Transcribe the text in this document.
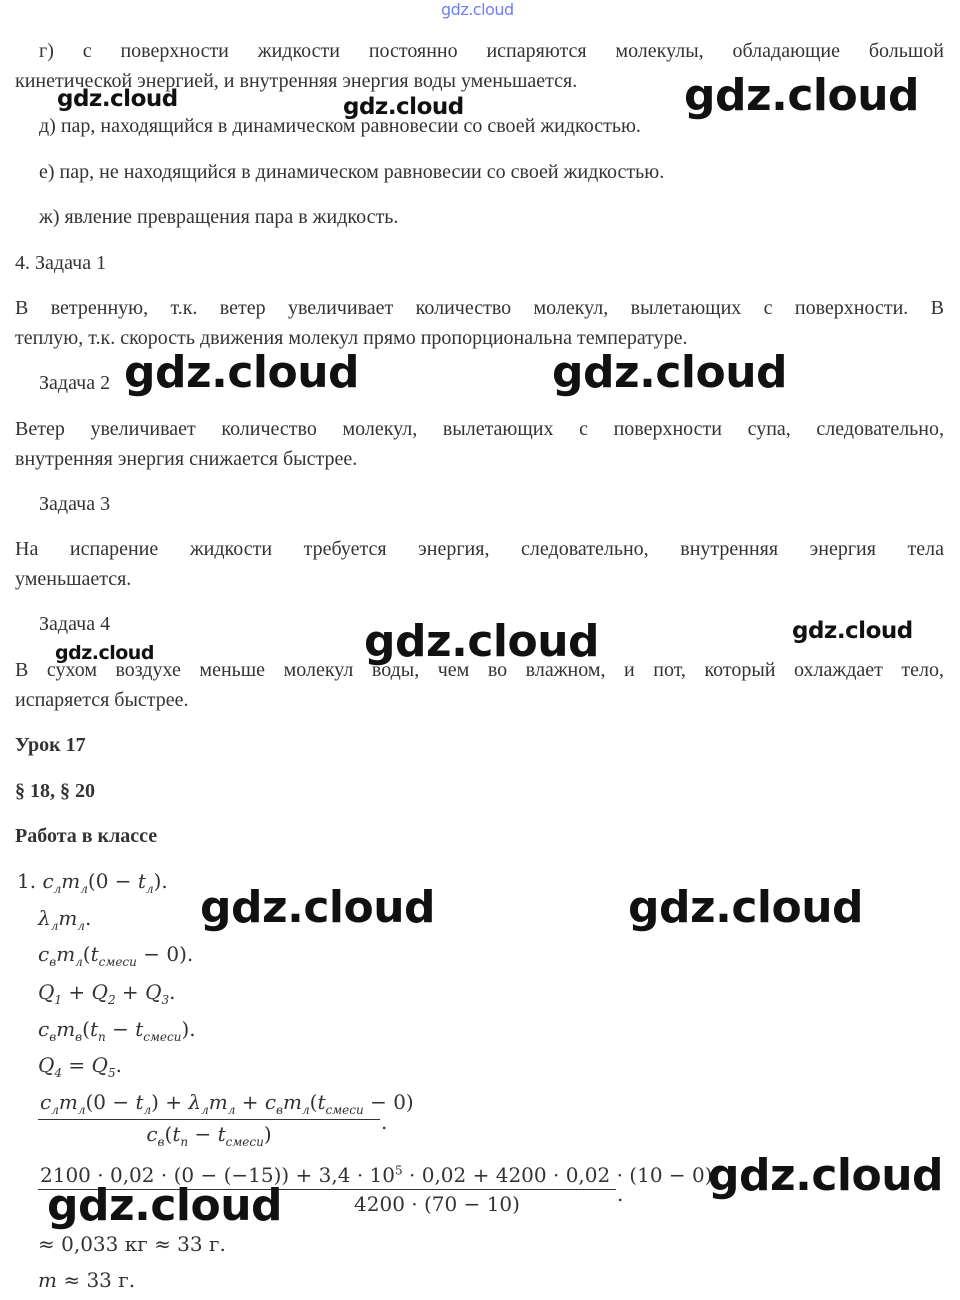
gdz.cloud
г) с поверхности жидкости постоянно испаряются молекулы, обладающие большой
кинетической энергией, и внутренняя энергия воды уменьшается.
д) пар, находящийся в динамическом равновесии со своей жидкостью.
е) пар, не находящийся в динамическом равновесии со своей жидкостью.
ж) явление превращения пара в жидкость.
4. Задача 1
В ветренную, т.к. ветер увеличивает количество молекул, вылетающих с поверхности. В
теплую, т.к. скорость движения молекул прямо пропорциональна температуре.
Задача 2
Ветер увеличивает количество молекул, вылетающих с поверхности супа, следовательно,
внутренняя энергия снижается быстрее.
Задача 3
На испарение жидкости требуется энергия, следовательно, внутренняя энергия тела
уменьшается.
Задача 4
В сухом воздухе меньше молекул воды, чем во влажном, и пот, который охлаждает тело,
испаряется быстрее.
Урок 17
§ 18, § 20
Работа в классе
1. $c_лm_л(0 - t_л)$.
$\lambda_лm_л$.
$c_вm_л(t_{смеси} - 0)$.
$Q_1 + Q_2 + Q_3$.
$c_вm_в(t_п - t_{смеси})$.
$Q_4 = Q_5$.
$c_лm_л(0 - t_л) + \lambda_лm_л + c_вm_л(t_{смеси} - 0)$
$c_в(t_п - t_{смеси})$	.
$2100 \cdot 0,02 \cdot (0 - (-15)) + 3,4 \cdot 10^5 \cdot 0,02 + 4200 \cdot 0,02 \cdot (10 - 0)$
4200 · (70 − 10)	.
≈ 0,033 кг ≈ 33 г.
m ≈ 33 г.
gdz.cloud	gdz.cloud	gdz.cloud
gdz.cloud	gdz.cloud
gdz.cloud
gdz.cloud
gdz.cloud
gdz.cloud	gdz.cloud
gdz.cloud
gdz.cloud
